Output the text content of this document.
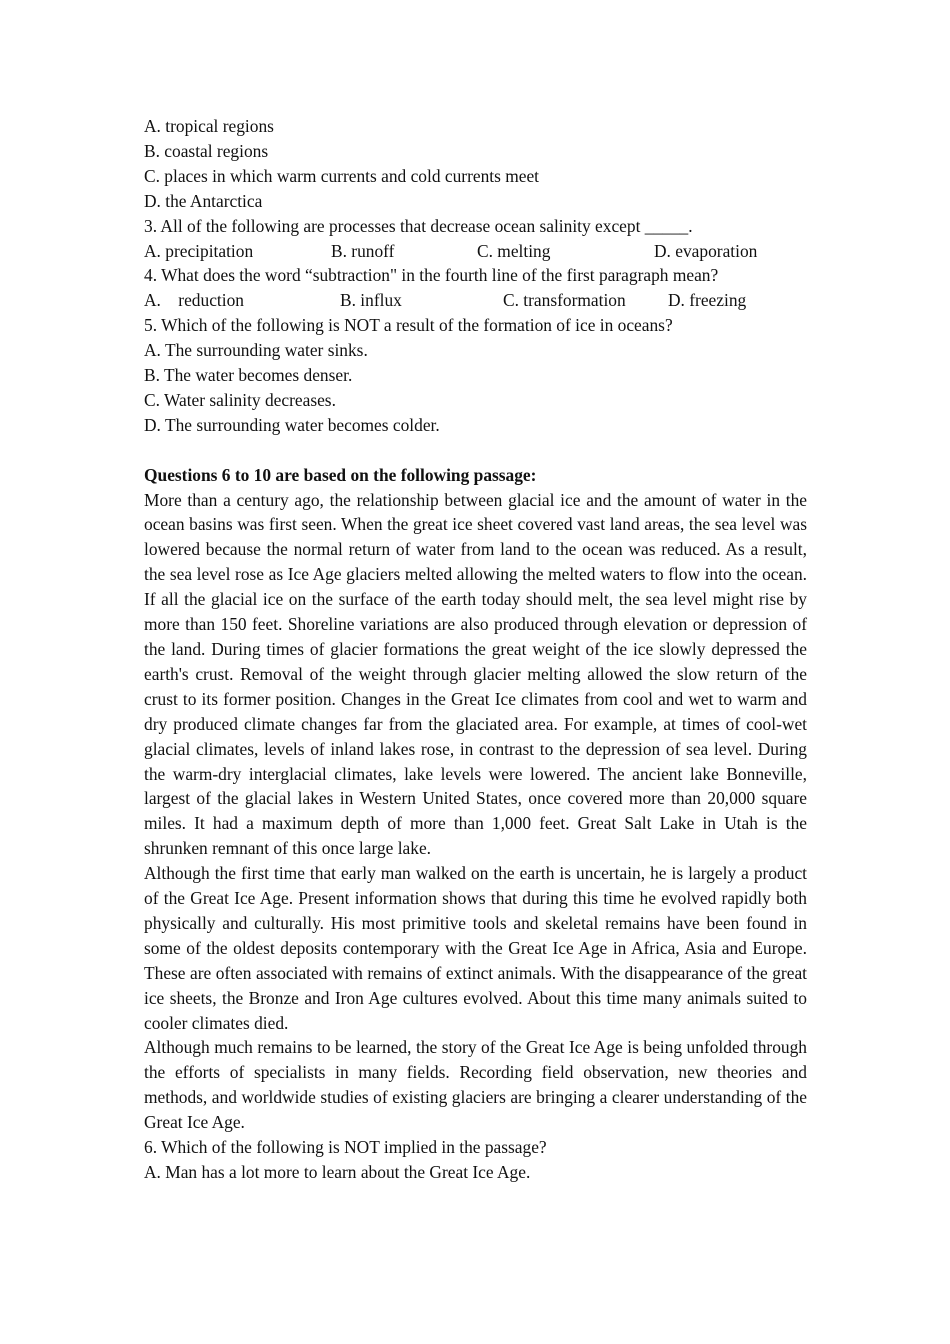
A. tropical regions
B. coastal regions
C. places in which warm currents and cold currents meet
D. the Antarctica
3. All of the following are processes that decrease ocean salinity except _____.
A. precipitation	B. runoff	C. melting	D. evaporation
4. What does the word “subtraction" in the fourth line of the first paragraph mean?
A.    reduction	B. influx	C. transformation D. freezing
5. Which of the following is NOT a result of the formation of ice in oceans?
A. The surrounding water sinks.
B. The water becomes denser.
C. Water salinity decreases.
D. The surrounding water becomes colder.
Questions 6 to 10 are based on the following passage:

More than a century ago, the relationship between glacial ice and the amount of water in the ocean basins was first seen. When the great ice sheet covered vast land areas, the sea level was lowered because the normal return of water from land to the ocean was reduced. As a result, the sea level rose as Ice Age glaciers melted allowing the melted waters to flow into the ocean. If all the glacial ice on the surface of the earth today should melt, the sea level might rise by more than 150 feet. Shoreline variations are also produced through elevation or depression of the land. During times of glacier formations the great weight of the ice slowly depressed the earth's crust. Removal of the weight through glacier melting allowed the slow return of the crust to its former position. Changes in the Great Ice climates from cool and wet to warm and dry produced climate changes far from the glaciated area. For example, at times of cool-wet glacial climates, levels of inland lakes rose, in contrast to the depression of sea level. During the warm-dry interglacial climates, lake levels were lowered. The ancient lake Bonneville, largest of the glacial lakes in Western United States, once covered more than 20,000 square miles. It had a maximum depth of more than 1,000 feet. Great Salt Lake in Utah is the shrunken remnant of this once large lake.

Although the first time that early man walked on the earth is uncertain, he is largely a product of the Great Ice Age. Present information shows that during this time he evolved rapidly both physically and culturally. His most primitive tools and skeletal remains have been found in some of the oldest deposits contemporary with the Great Ice Age in Africa, Asia and Europe. These are often associated with remains of extinct animals. With the disappearance of the great ice sheets, the Bronze and Iron Age cultures evolved. About this time many animals suited to cooler climates died.

Although much remains to be learned, the story of the Great Ice Age is being unfolded through the efforts of specialists in many fields. Recording field observation, new theories and methods, and worldwide studies of existing glaciers are bringing a clearer understanding of the Great Ice Age.

6. Which of the following is NOT implied in the passage?
A. Man has a lot more to learn about the Great Ice Age.
